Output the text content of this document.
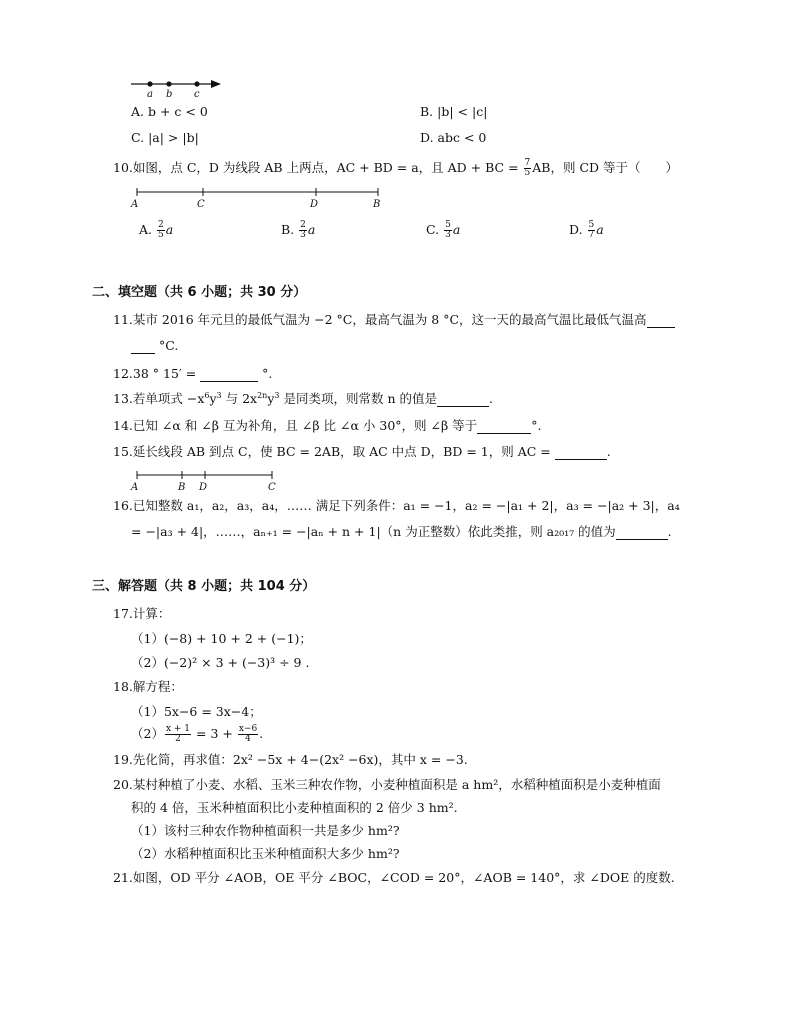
a b c
A. b + c < 0	B. |b| < |c|
C. |a| > |b|	D. abc < 0
10.如图，点 C，D 为线段 AB 上两点，AC + BD = a，且 AD + BC = $\frac{7}{5}$ AB，则 CD 等于（　　）
A	C	D	B
A. $\frac{2}{5}$ a	B. $\frac{2}{3}$ a	C. $\frac{5}{3}$ a	D. $\frac{5}{7}$ a
二、填空题（共 6 小题；共 30 分）
11.某市 2016 年元旦的最低气温为 −2 °C，最高气温为 8 °C，这一天的最高气温比最低气温高
°C.
12.38 ° 15′ =	°.
13.若单项式 $-x^6y^3$ 与 $2x^{2n}y^3$ 是同类项，则常数 n 的值是	.
14.已知 ∠α 和 ∠β 互为补角，且 ∠β 比 ∠α 小 30°，则 ∠β 等于	°.
15.延长线段 AB 到点 C，使 BC = 2AB，取 AC 中点 D，BD = 1，则 AC =	.
A	B D	C
16.已知整数 a₁，a₂，a₃，a₄，…… 满足下列条件：a₁ = −1，a₂ = −|a₁ + 2|，a₃ = −|a₂ + 3|，a₄
= −|a₃ + 4|，……，aₙ₊₁ = −|aₙ + n + 1|（n 为正整数）依此类推，则 a₂₀₁₇ 的值为	.
三、解答题（共 8 小题；共 104 分）
17.计算：
（1）(−8) + 10 + 2 + (−1)；
（2）(−2)² × 3 + (−3)³ ÷ 9 .
18.解方程：
（1）5x−6 = 3x−4；
$(2) \frac{x + 1}{2} = 3 + \frac{x-6}{4}$ .
19.先化简，再求值：2x² −5x + 4−(2x² −6x)，其中 x = −3.
20.某村种植了小麦、水稻、玉米三种农作物，小麦种植面积是 a hm²，水稻种植面积是小麦种植面
积的 4 倍，玉米种植面积比小麦种植面积的 2 倍少 3 hm².
（1）该村三种农作物种植面积一共是多少 hm²?
（2）水稻种植面积比玉米种植面积大多少 hm²?
21.如图，OD 平分 ∠AOB，OE 平分 ∠BOC，∠COD = 20°，∠AOB = 140°，求 ∠DOE 的度数.
